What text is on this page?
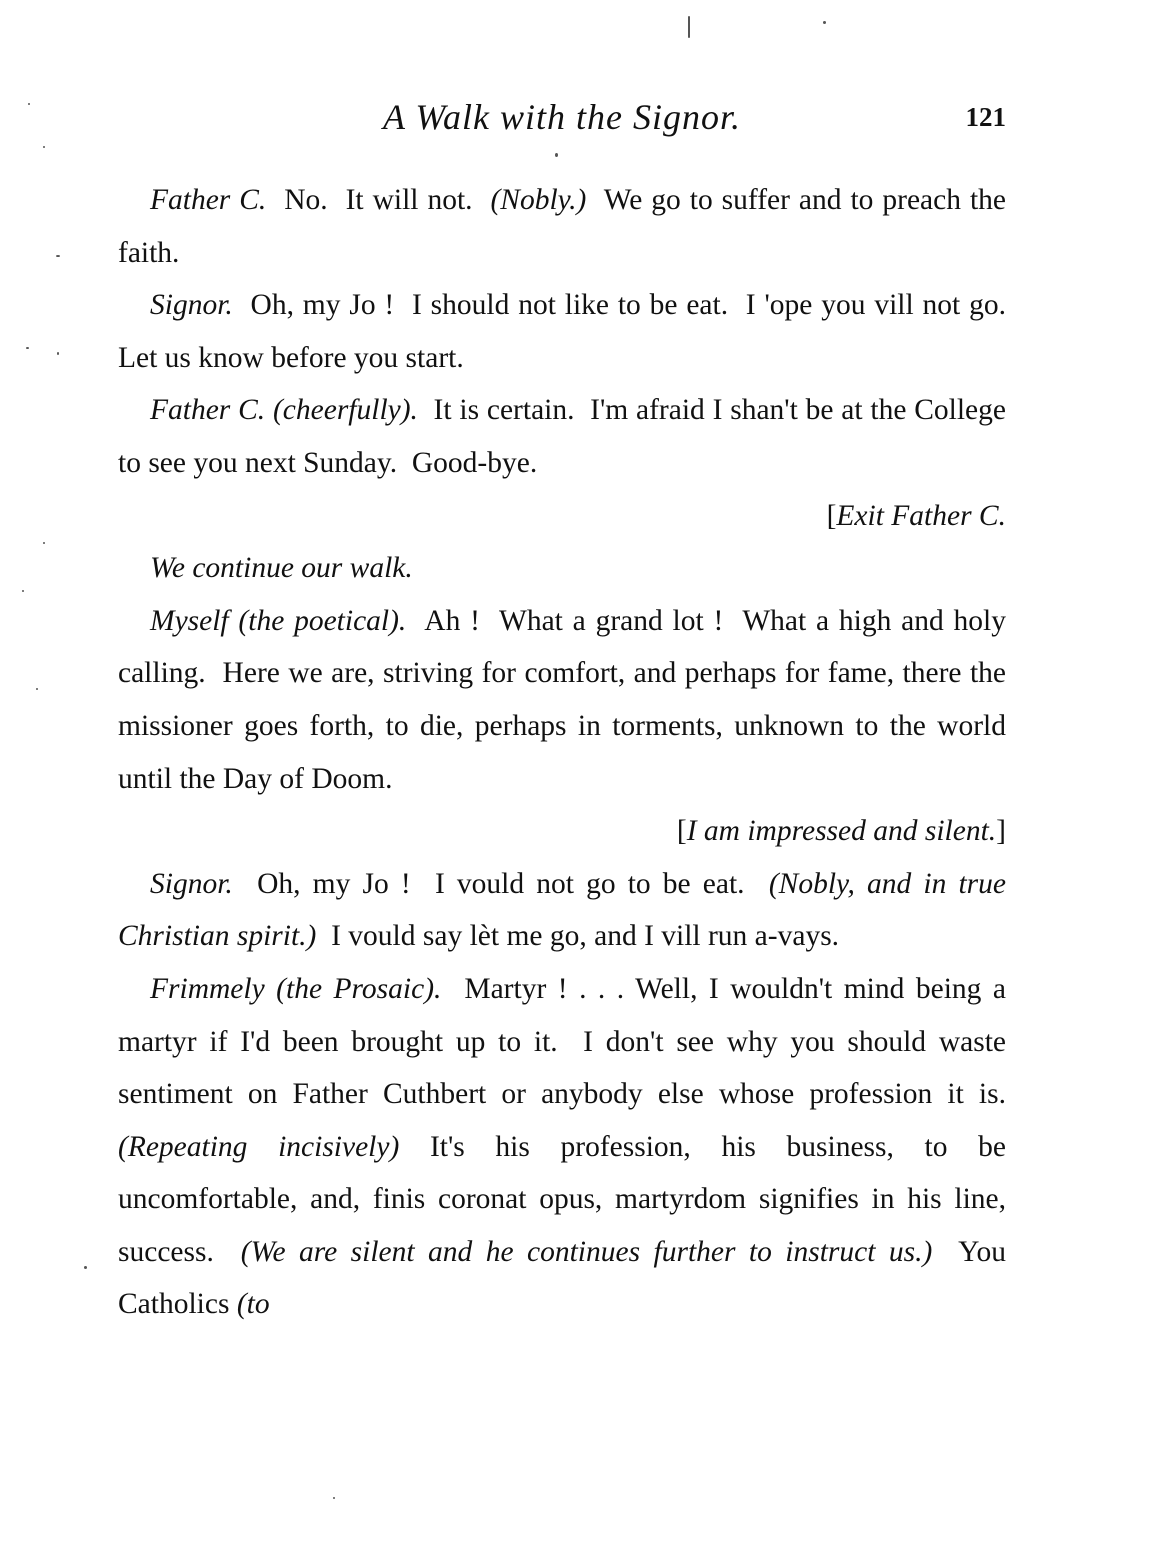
A Walk with the Signor.	121

Father C.  No.  It will not.  (Nobly.)  We go to suffer and to preach the faith.

Signor.  Oh, my Jo !  I should not like to be eat.  I 'ope you vill not go.  Let us know before you start.

Father C. (cheerfully).  It is certain.  I'm afraid I shan't be at the College to see you next Sunday.  Good-bye.

[Exit Father C.

We continue our walk.

Myself (the poetical).  Ah !  What a grand lot !  What a high and holy calling.  Here we are, striving for comfort, and perhaps for fame, there the missioner goes forth, to die, perhaps in torments, unknown to the world until the Day of Doom.

[I am impressed and silent.]

Signor.  Oh, my Jo !  I vould not go to be eat.  (Nobly, and in true Christian spirit.)  I vould say lèt me go, and I vill run a-vays.

Frimmely (the Prosaic).  Martyr ! . . . Well, I wouldn't mind being a martyr if I'd been brought up to it.  I don't see why you should waste sentiment on Father Cuthbert or anybody else whose profession it is.  (Repeating incisively) It's his profession, his business, to be uncomfortable, and, finis coronat opus, martyrdom signifies in his line, success.  (We are silent and he continues further to instruct us.)  You Catholics (to
